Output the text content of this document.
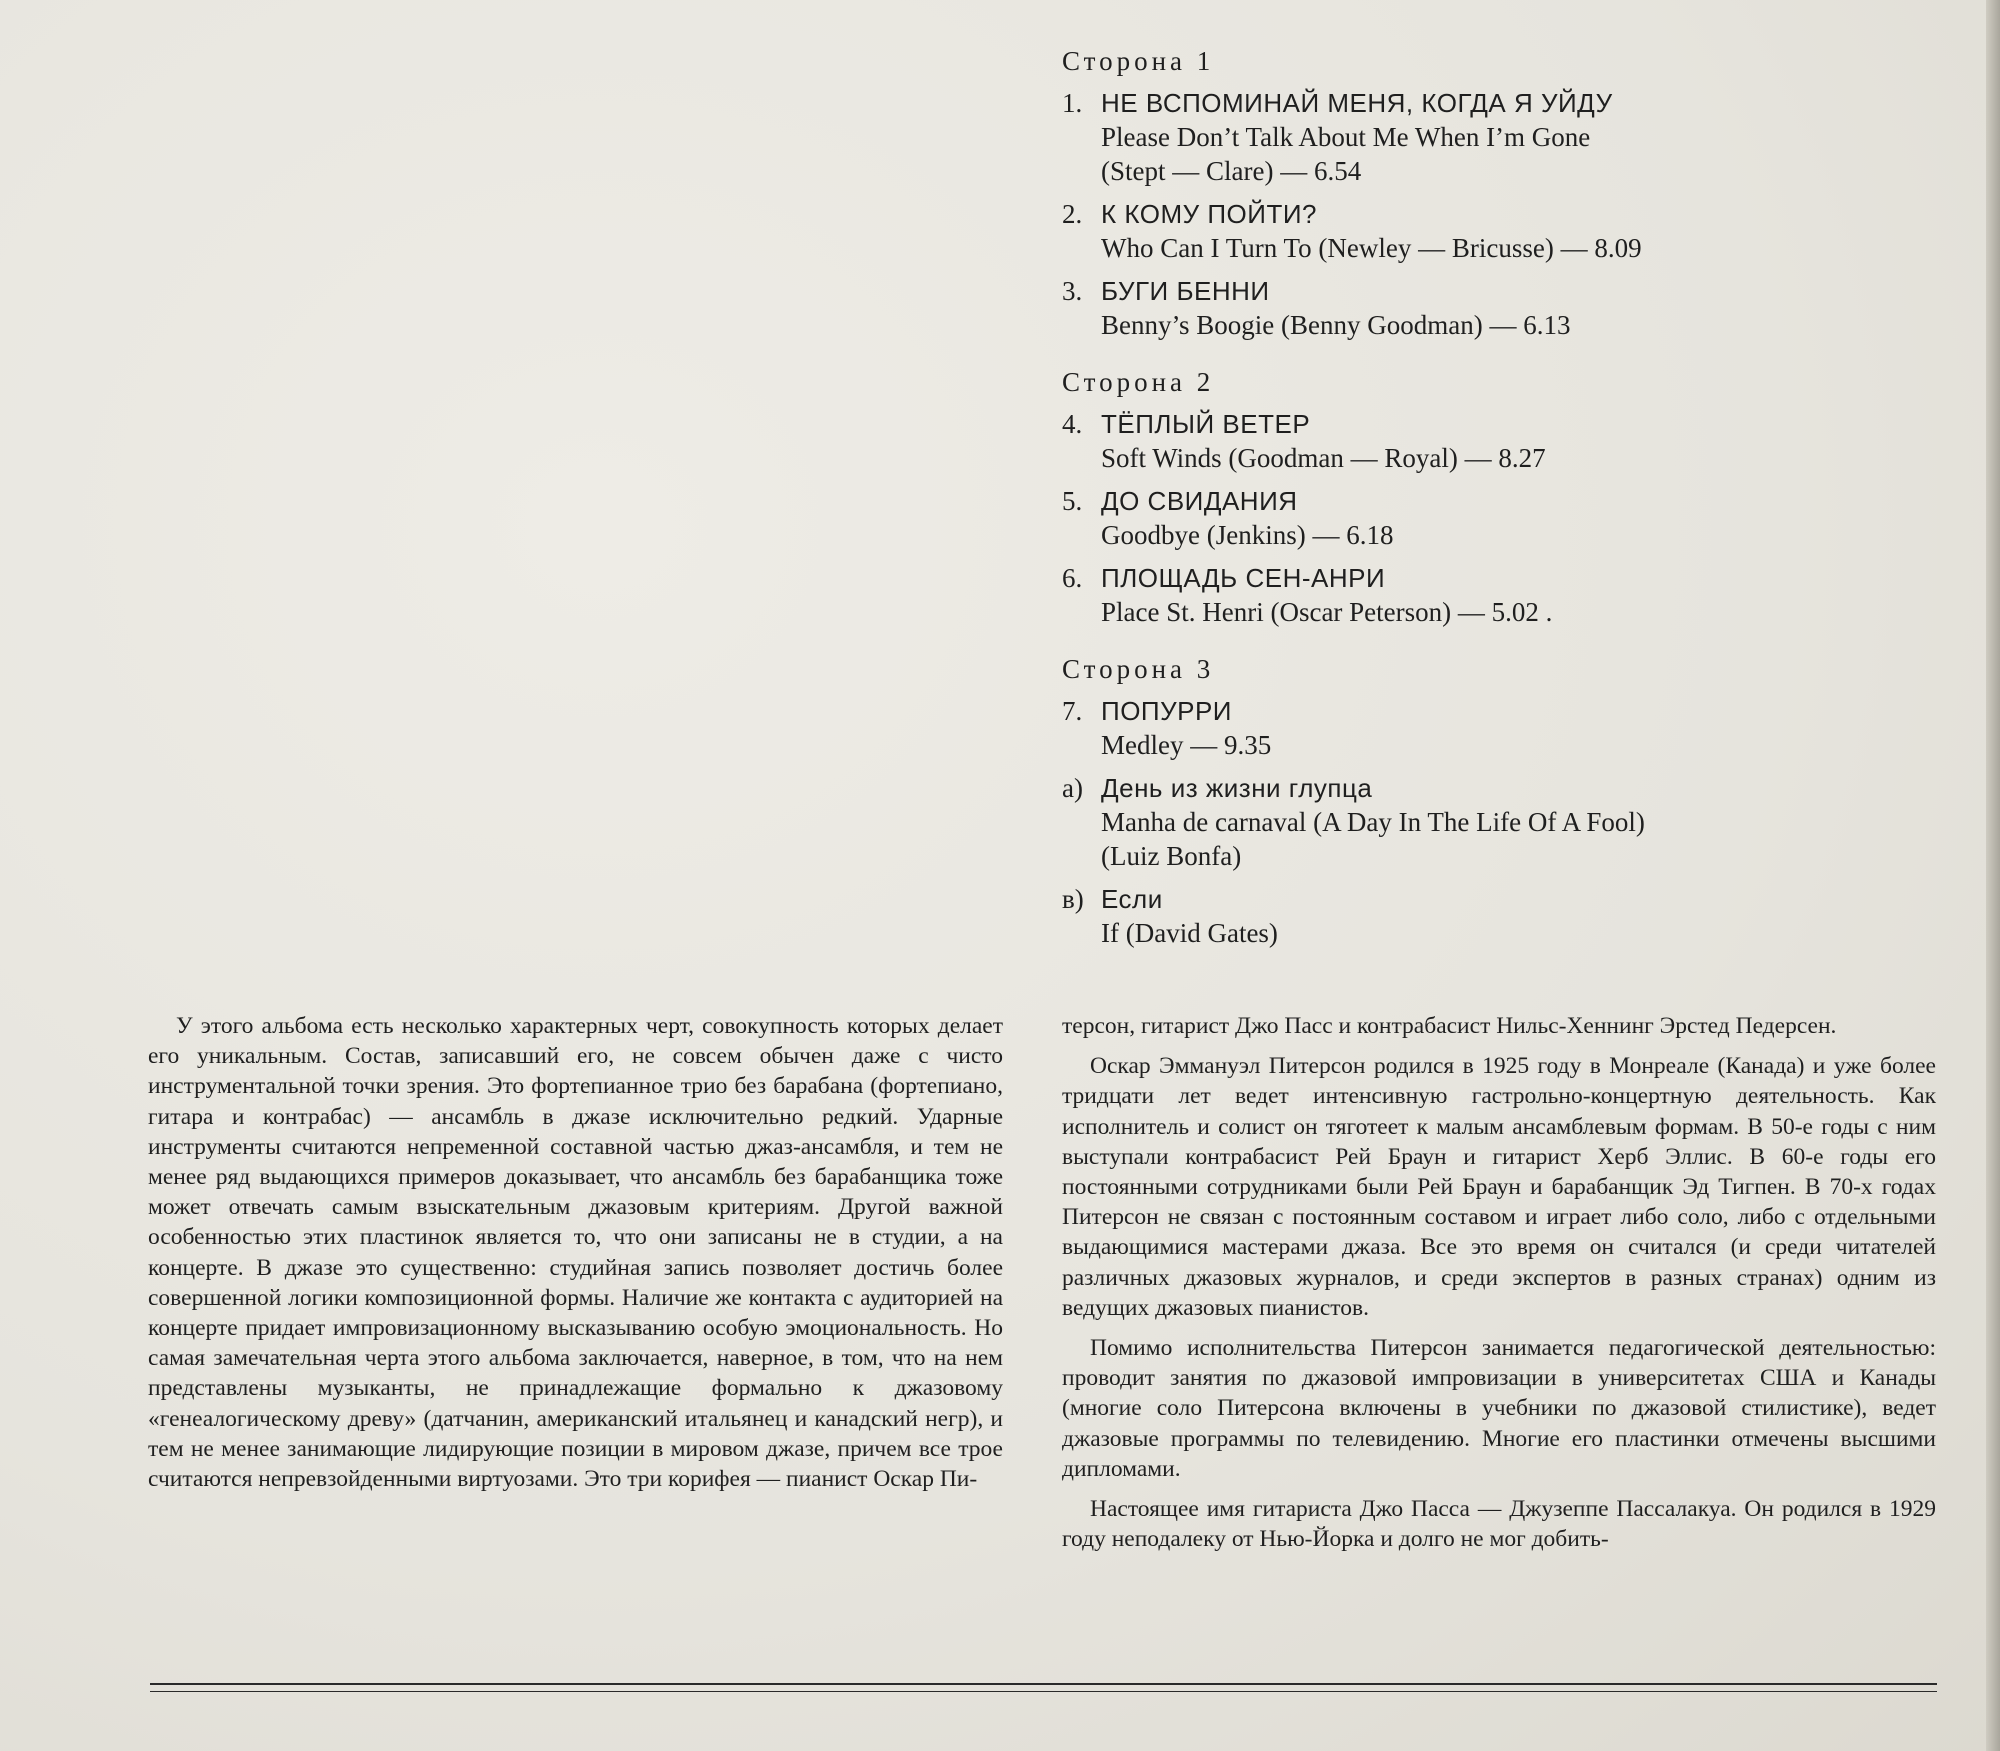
Сторона 1
1. НЕ ВСПОМИНАЙ МЕНЯ, КОГДА Я УЙДУ
Please Don’t Talk About Me When I’m Gone
(Stept — Clare) — 6.54
2. К КОМУ ПОЙТИ?
Who Can I Turn To (Newley — Bricusse) — 8.09
3. БУГИ БЕННИ
Benny’s Boogie (Benny Goodman) — 6.13
Сторона 2
4. ТЁПЛЫЙ ВЕТЕР
Soft Winds (Goodman — Royal) — 8.27
5. ДО СВИДАНИЯ
Goodbye (Jenkins) — 6.18
6. ПЛОЩАДЬ СЕН-АНРИ
Place St. Henri (Oscar Peterson) — 5.02 .
Сторона 3
7. ПОПУРРИ
Medley — 9.35
а) День из жизни глупца
Manha de carnaval (A Day In The Life Of A Fool)
(Luiz Bonfa)
в) Если
If (David Gates)

У этого альбома есть несколько характерных черт, совокупность которых делает его уникальным. Состав, записавший его, не совсем обычен даже с чисто инструментальной точки зрения. Это фортепианное трио без барабана (фортепиано, гитара и контрабас) — ансамбль в джазе исключительно редкий. Ударные инструменты считаются непременной составной частью джаз-ансамбля, и тем не менее ряд выдающихся примеров доказывает, что ансамбль без барабанщика тоже может отвечать самым взыскательным джазовым критериям. Другой важной особенностью этих пластинок является то, что они записаны не в студии, а на концерте. В джазе это существенно: студийная запись позволяет достичь более совершенной логики композиционной формы. Наличие же контакта с аудиторией на концерте придает импровизационному высказыванию особую эмоциональность. Но самая замечательная черта этого альбома заключается, наверное, в том, что на нем представлены музыканты, не принадлежащие формально к джазовому «генеалогическому древу» (датчанин, американский итальянец и канадский негр), и тем не менее занимающие лидирующие позиции в мировом джазе, причем все трое считаются непревзойденными виртуозами. Это три корифея — пианист Оскар Пи-

терсон, гитарист Джо Пасс и контрабасист Нильс-Хеннинг Эрстед Педерсен.

Оскар Эммануэл Питерсон родился в 1925 году в Монреале (Канада) и уже более тридцати лет ведет интенсивную гастрольно-концертную деятельность. Как исполнитель и солист он тяготеет к малым ансамблевым формам. В 50-е годы с ним выступали контрабасист Рей Браун и гитарист Херб Эллис. В 60-е годы его постоянными сотрудниками были Рей Браун и барабанщик Эд Тигпен. В 70-х годах Питерсон не связан с постоянным составом и играет либо соло, либо с отдельными выдающимися мастерами джаза. Все это время он считался (и среди читателей различных джазовых журналов, и среди экспертов в разных странах) одним из ведущих джазовых пианистов.

Помимо исполнительства Питерсон занимается педагогической деятельностью: проводит занятия по джазовой импровизации в университетах США и Канады (многие соло Питерсона включены в учебники по джазовой стилистике), ведет джазовые программы по телевидению. Многие его пластинки отмечены высшими дипломами.

Настоящее имя гитариста Джо Пасса — Джузеппе Пассалакуа. Он родился в 1929 году неподалеку от Нью-Йорка и долго не мог добить-
